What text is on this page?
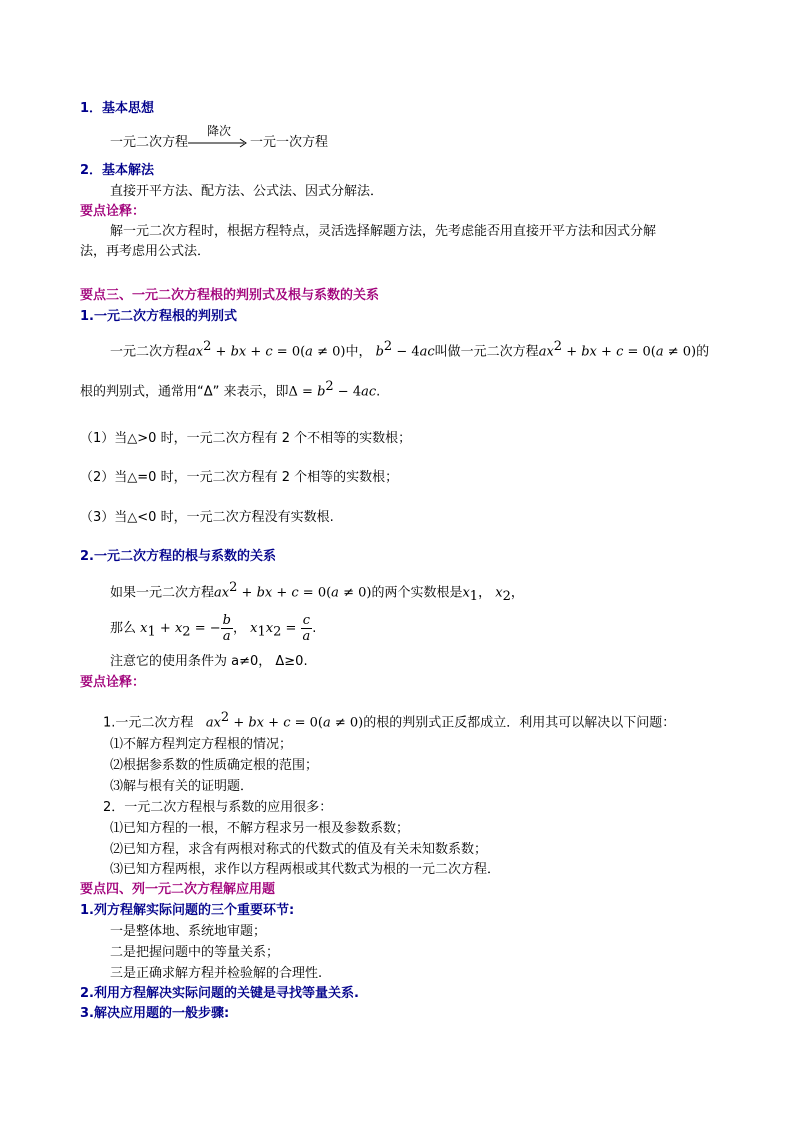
1．基本思想
一元二次方程
降次
一元一次方程
2．基本解法
直接开平方法、配方法、公式法、因式分解法．
要点诠释：
解一元二次方程时，根据方程特点，灵活选择解题方法，先考虑能否用直接开平方法和因式分解
法，再考虑用公式法．
要点三、一元二次方程根的判别式及根与系数的关系
1.一元二次方程根的判别式
一元二次方程$ax^2$ + bx + c = 0(a ≠ 0)中， $b^2 - 4ac$叫做一元二次方程$ax^2$ + bx + c = 0(a ≠ 0)的
根的判别式，通常用“Δ” 来表示，即$\Delta = b^2 - 4ac$.
（1）当△>0 时，一元二次方程有 2 个不相等的实数根；
（2）当△=0 时，一元二次方程有 2 个相等的实数根；
（3）当△<0 时，一元二次方程没有实数根.
2.一元二次方程的根与系数的关系
如果一元二次方程$ax^2$ + bx + c = 0(a ≠ 0)的两个实数根是$x_1$， $x_2$，
那么 $x_1 + x_2$ = − $\frac{b}{a}$ ， $x_1x_2 = \frac{c}{a}$ .
注意它的使用条件为 a≠0， Δ≥0.
要点诠释：
1.一元二次方程 $ax^2$ + bx + c = 0(a ≠ 0)的根的判别式正反都成立．利用其可以解决以下问题：
⑴不解方程判定方程根的情况；
⑵根据参系数的性质确定根的范围；
⑶解与根有关的证明题．
2．一元二次方程根与系数的应用很多：
⑴已知方程的一根，不解方程求另一根及参数系数；
⑵已知方程，求含有两根对称式的代数式的值及有关未知数系数；
⑶已知方程两根，求作以方程两根或其代数式为根的一元二次方程．
要点四、列一元二次方程解应用题
1.列方程解实际问题的三个重要环节:
一是整体地、系统地审题；
二是把握问题中的等量关系；
三是正确求解方程并检验解的合理性.
2.利用方程解决实际问题的关键是寻找等量关系.
3.解决应用题的一般步骤:
